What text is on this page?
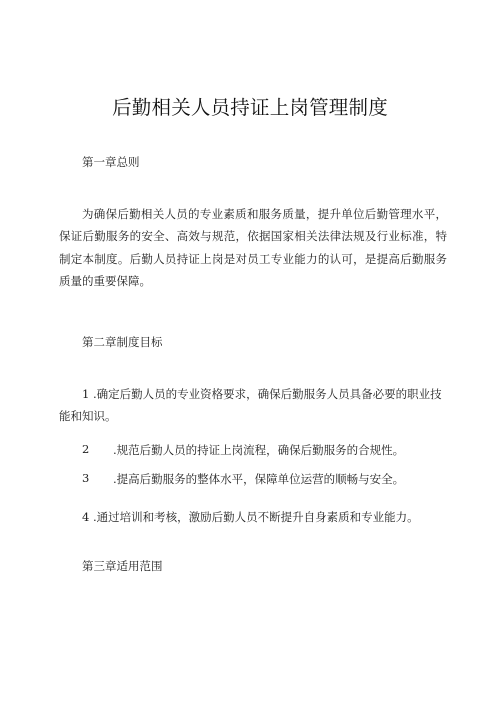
后勤相关人员持证上岗管理制度
第一章总则
为确保后勤相关人员的专业素质和服务质量，提升单位后勤管理水平，保证后勤服务的安全、高效与规范，依据国家相关法律法规及行业标准，特制定本制度。后勤人员持证上岗是对员工专业能力的认可，是提高后勤服务质量的重要保障。
第二章制度目标
1 .确定后勤人员的专业资格要求，确保后勤服务人员具备必要的职业技能和知识。
2 .规范后勤人员的持证上岗流程，确保后勤服务的合规性。
3 .提高后勤服务的整体水平，保障单位运营的顺畅与安全。
4 .通过培训和考核，激励后勤人员不断提升自身素质和专业能力。
第三章适用范围
